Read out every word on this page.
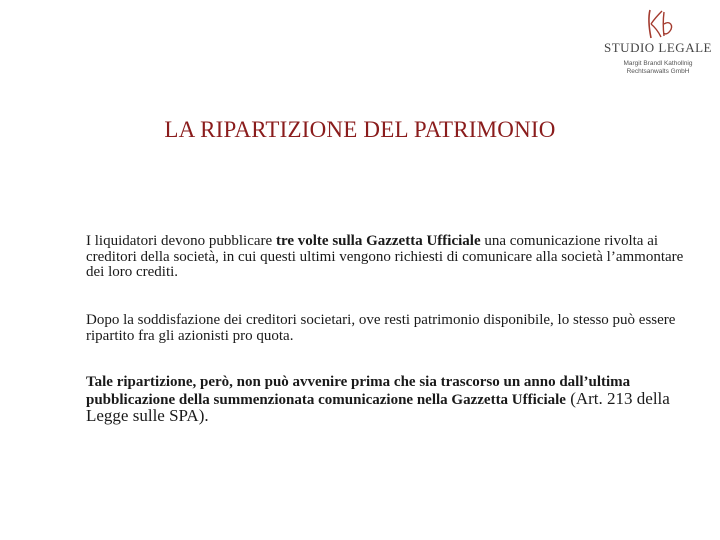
STUDIO LEGALE
Margit Brandl Kathollnig
Rechtsanwalts GmbH
LA RIPARTIZIONE DEL PATRIMONIO
I liquidatori devono pubblicare tre volte sulla Gazzetta Ufficiale una comunicazione rivolta ai creditori della società, in cui questi ultimi vengono richiesti di comunicare alla società l’ammontare dei loro crediti.
Dopo la soddisfazione dei creditori societari, ove resti patrimonio disponibile, lo stesso può essere ripartito fra gli azionisti pro quota.
Tale ripartizione, però, non può avvenire prima che sia trascorso un anno dall’ultima pubblicazione della summenzionata comunicazione nella Gazzetta Ufficiale (Art. 213 della Legge sulle SPA).
